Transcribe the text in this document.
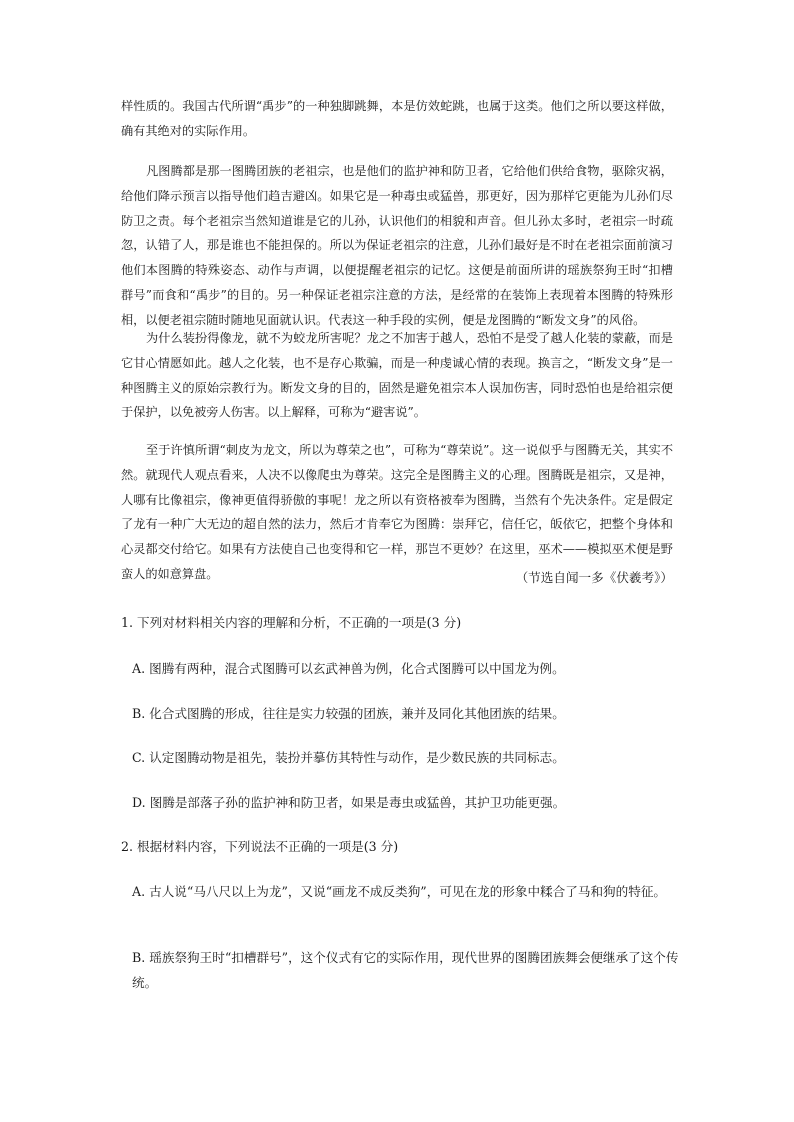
样性质的。我国古代所谓“禹步”的一种独脚跳舞，本是仿效蛇跳，也属于这类。他们之所以要这样做，确有其绝对的实际作用。

凡图腾都是那一图腾团族的老祖宗，也是他们的监护神和防卫者，它给他们供给食物，驱除灾祸，给他们降示预言以指导他们趋吉避凶。如果它是一种毒虫或猛兽，那更好，因为那样它更能为儿孙们尽防卫之责。每个老祖宗当然知道谁是它的儿孙，认识他们的相貌和声音。但儿孙太多时，老祖宗一时疏忽，认错了人，那是谁也不能担保的。所以为保证老祖宗的注意，儿孙们最好是不时在老祖宗面前演习他们本图腾的特殊姿态、动作与声调，以便提醒老祖宗的记忆。这便是前面所讲的瑶族祭狗王时“扣槽群号”而食和“禹步”的目的。另一种保证老祖宗注意的方法，是经常的在装饰上表现着本图腾的特殊形相，以便老祖宗随时随地见面就认识。代表这一种手段的实例，便是龙图腾的“断发文身”的风俗。

为什么装扮得像龙，就不为蛟龙所害呢？龙之不加害于越人，恐怕不是受了越人化装的蒙蔽，而是它甘心情愿如此。越人之化装，也不是存心欺骗，而是一种虔诚心情的表现。换言之，“断发文身”是一种图腾主义的原始宗教行为。断发文身的目的，固然是避免祖宗本人误加伤害，同时恐怕也是给祖宗便于保护，以免被旁人伤害。以上解释，可称为“避害说”。

至于许慎所谓“刺皮为龙文，所以为尊荣之也”，可称为“尊荣说”。这一说似乎与图腾无关，其实不然。就现代人观点看来，人决不以像爬虫为尊荣。这完全是图腾主义的心理。图腾既是祖宗，又是神，人哪有比像祖宗，像神更值得骄傲的事呢！龙之所以有资格被奉为图腾，当然有个先决条件。定是假定了龙有一种广大无边的超自然的法力，然后才肯奉它为图腾：崇拜它，信任它，皈依它，把整个身体和心灵都交付给它。如果有方法使自己也变得和它一样，那岂不更妙？在这里，巫术——模拟巫术便是野蛮人的如意算盘。	（节选自闻一多《伏羲考》）

1. 下列对材料相关内容的理解和分析，不正确的一项是(3 分)

A. 图腾有两种，混合式图腾可以玄武神兽为例，化合式图腾可以中国龙为例。

B. 化合式图腾的形成，往往是实力较强的团族，兼并及同化其他团族的结果。

C. 认定图腾动物是祖先，装扮并摹仿其特性与动作，是少数民族的共同标志。

D. 图腾是部落子孙的监护神和防卫者，如果是毒虫或猛兽，其护卫功能更强。

2. 根据材料内容，下列说法不正确的一项是(3 分)

A. 古人说“马八尺以上为龙”，又说“画龙不成反类狗”，可见在龙的形象中糅合了马和狗的特征。

B. 瑶族祭狗王时“扣槽群号”，这个仪式有它的实际作用，现代世界的图腾团族舞会便继承了这个传统。
